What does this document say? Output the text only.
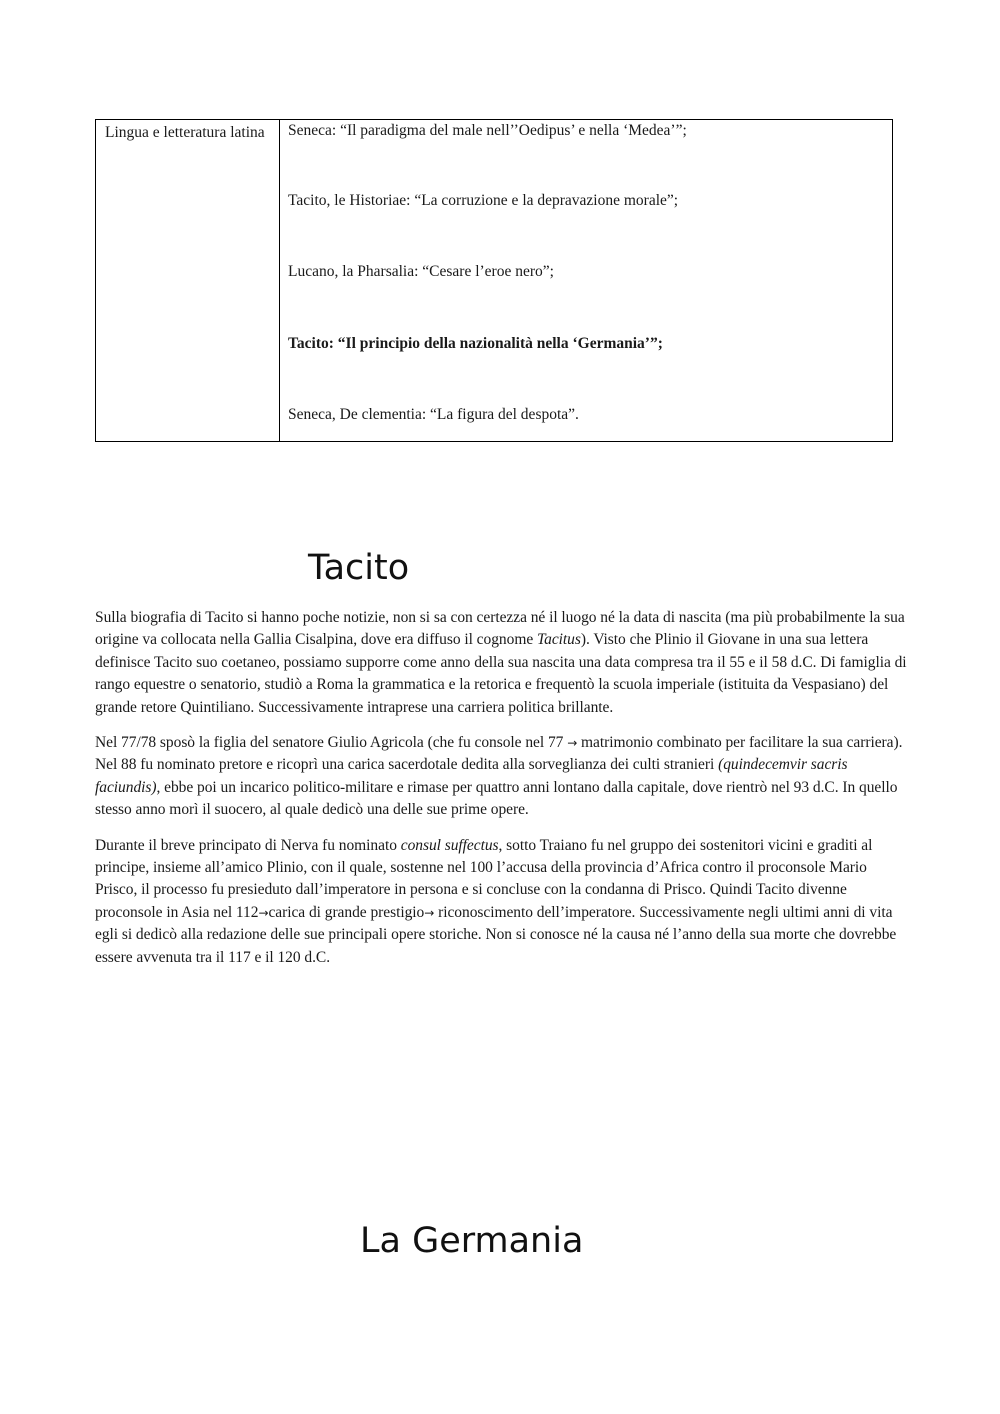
Lingua e letteratura latina	Seneca: “Il paradigma del male nell’’Oedipus’ e nella ‘Medea’”;
Tacito, le Historiae: “La corruzione e la depravazione morale”;
Lucano, la Pharsalia: “Cesare l’eroe nero”;
Tacito: “Il principio della nazionalità nella ‘Germania’”;
Seneca, De clementia: “La figura del despota”.
Tacito

Sulla biografia di Tacito si hanno poche notizie, non si sa con certezza né il luogo né la data di nascita (ma più probabilmente la sua origine va collocata nella Gallia Cisalpina, dove era diffuso il cognome Tacitus). Visto che Plinio il Giovane in una sua lettera definisce Tacito suo coetaneo, possiamo supporre come anno della sua nascita una data compresa tra il 55 e il 58 d.C. Di famiglia di rango equestre o senatorio, studiò a Roma la grammatica e la retorica e frequentò la scuola imperiale (istituita da Vespasiano) del grande retore Quintiliano. Successivamente intraprese una carriera politica brillante.

Nel 77/78 sposò la figlia del senatore Giulio Agricola (che fu console nel 77 → matrimonio combinato per facilitare la sua carriera). Nel 88 fu nominato pretore e ricoprì una carica sacerdotale dedita alla sorveglianza dei culti stranieri (quindecemvir sacris faciundis), ebbe poi un incarico politico-militare e rimase per quattro anni lontano dalla capitale, dove rientrò nel 93 d.C. In quello stesso anno morì il suocero, al quale dedicò una delle sue prime opere.

Durante il breve principato di Nerva fu nominato consul suffectus, sotto Traiano fu nel gruppo dei sostenitori vicini e graditi al principe, insieme all’amico Plinio, con il quale, sostenne nel 100 l’accusa della provincia d’Africa contro il proconsole Mario Prisco, il processo fu presieduto dall’imperatore in persona e si concluse con la condanna di Prisco. Quindi Tacito divenne proconsole in Asia nel 112→carica di grande prestigio→ riconoscimento dell’imperatore. Successivamente negli ultimi anni di vita egli si dedicò alla redazione delle sue principali opere storiche. Non si conosce né la causa né l’anno della sua morte che dovrebbe essere avvenuta tra il 117 e il 120 d.C.

La Germania
